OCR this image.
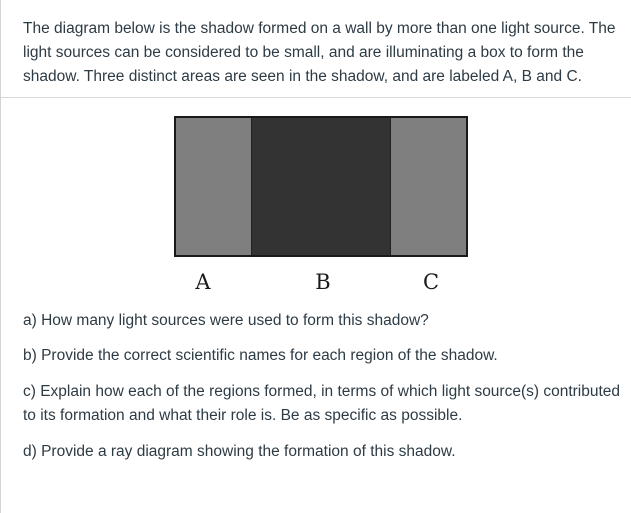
The diagram below is the shadow formed on a wall by more than one light source. The light sources can be considered to be small, and are illuminating a box to form the shadow. Three distinct areas are seen in the shadow, and are labeled A, B and C.

A	B	C

a) How many light sources were used to form this shadow?

b) Provide the correct scientific names for each region of the shadow.

c) Explain how each of the regions formed, in terms of which light source(s) contributed to its formation and what their role is. Be as specific as possible.

d) Provide a ray diagram showing the formation of this shadow.
